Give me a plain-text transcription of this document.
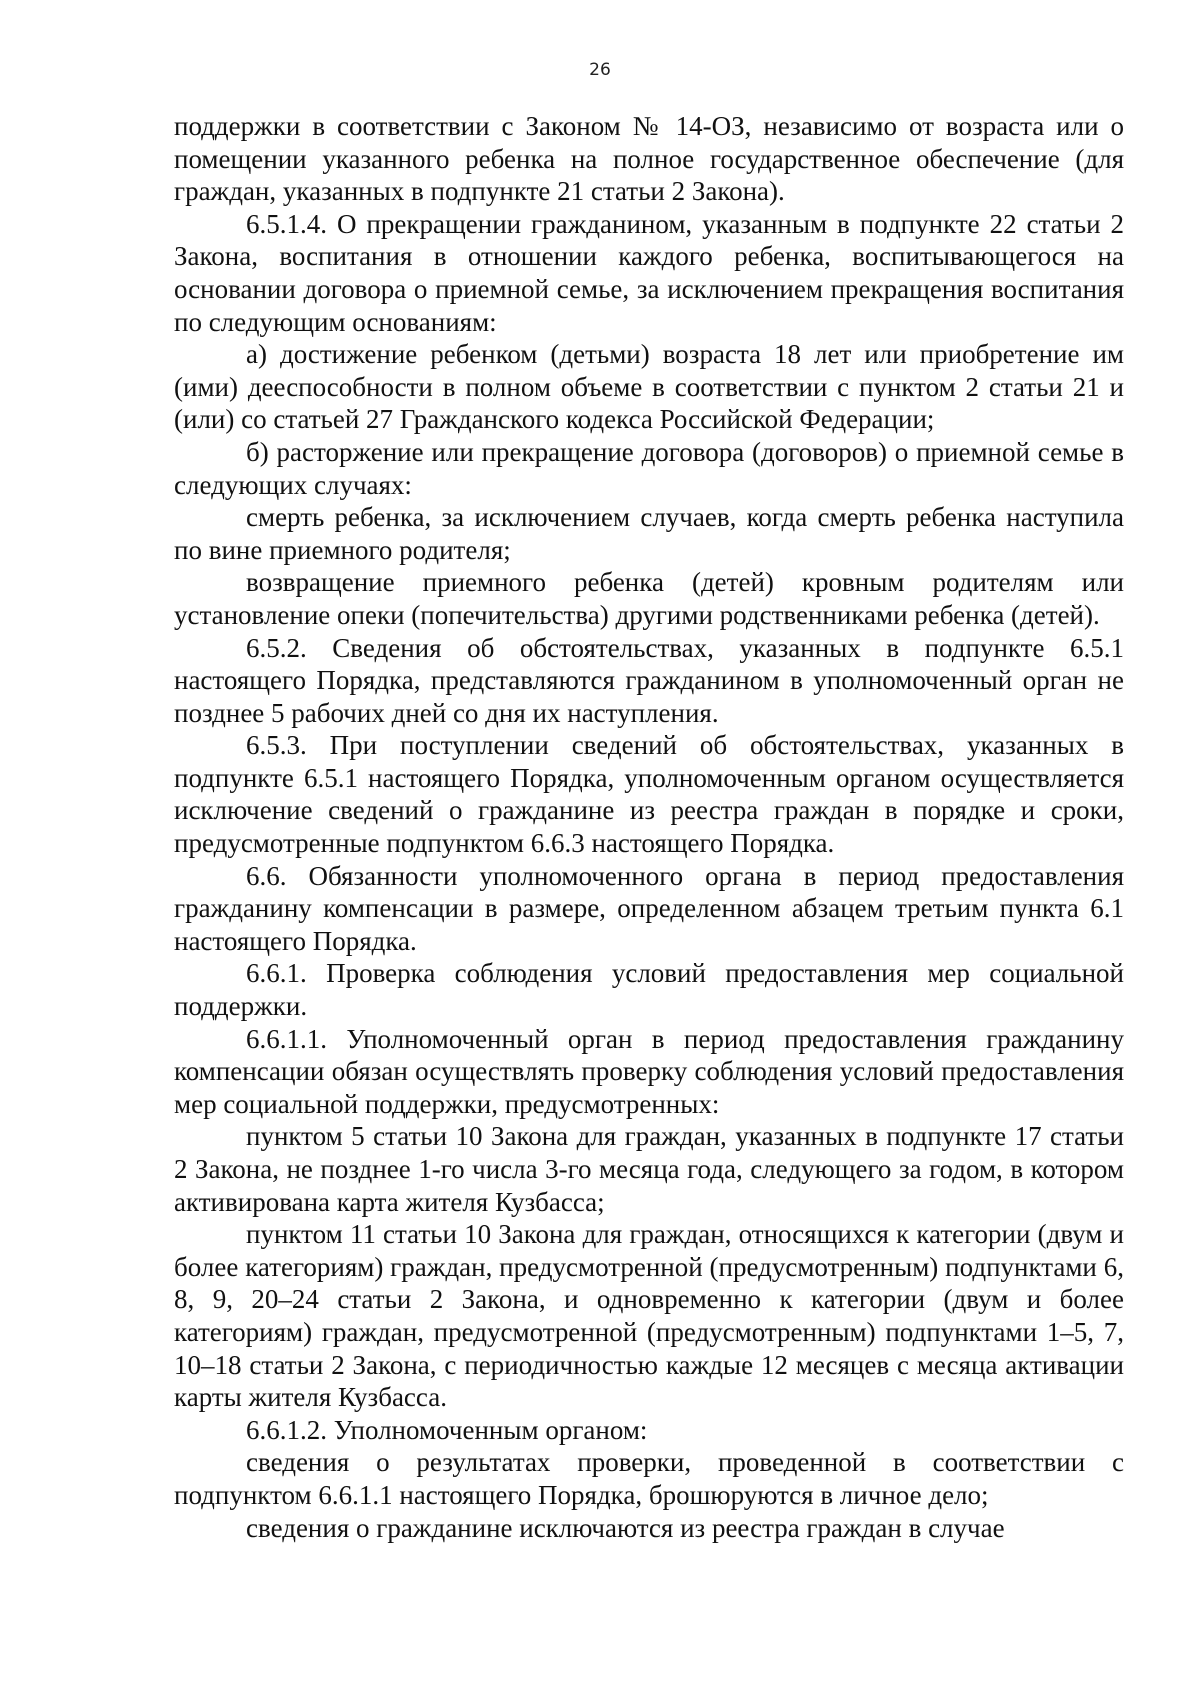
26

поддержки в соответствии с Законом № 14-ОЗ, независимо от возраста или о помещении указанного ребенка на полное государственное обеспечение (для граждан, указанных в подпункте 21 статьи 2 Закона).

6.5.1.4. О прекращении гражданином, указанным в подпункте 22 статьи 2 Закона, воспитания в отношении каждого ребенка, воспитывающегося на основании договора о приемной семье, за исключением прекращения воспитания по следующим основаниям:

а) достижение ребенком (детьми) возраста 18 лет или приобретение им (ими) дееспособности в полном объеме в соответствии с пунктом 2 статьи 21 и (или) со статьей 27 Гражданского кодекса Российской Федерации;

б) расторжение или прекращение договора (договоров) о приемной семье в следующих случаях:

смерть ребенка, за исключением случаев, когда смерть ребенка наступила по вине приемного родителя;

возвращение приемного ребенка (детей) кровным родителям или установление опеки (попечительства) другими родственниками ребенка (детей).

6.5.2. Сведения об обстоятельствах, указанных в подпункте 6.5.1 настоящего Порядка, представляются гражданином в уполномоченный орган не позднее 5 рабочих дней со дня их наступления.

6.5.3. При поступлении сведений об обстоятельствах, указанных в подпункте 6.5.1 настоящего Порядка, уполномоченным органом осуществляется исключение сведений о гражданине из реестра граждан в порядке и сроки, предусмотренные подпунктом 6.6.3 настоящего Порядка.

6.6. Обязанности уполномоченного органа в период предоставления гражданину компенсации в размере, определенном абзацем третьим пункта 6.1 настоящего Порядка.

6.6.1. Проверка соблюдения условий предоставления мер социальной поддержки.

6.6.1.1. Уполномоченный орган в период предоставления гражданину компенсации обязан осуществлять проверку соблюдения условий предоставления мер социальной поддержки, предусмотренных:

пунктом 5 статьи 10 Закона для граждан, указанных в подпункте 17 статьи 2 Закона, не позднее 1-го числа 3-го месяца года, следующего за годом, в котором активирована карта жителя Кузбасса;

пунктом 11 статьи 10 Закона для граждан, относящихся к категории (двум и более категориям) граждан, предусмотренной (предусмотренным) подпунктами 6, 8, 9, 20–24 статьи 2 Закона, и одновременно к категории (двум и более категориям) граждан, предусмотренной (предусмотренным) подпунктами 1–5, 7, 10–18 статьи 2 Закона, с периодичностью каждые 12 месяцев с месяца активации карты жителя Кузбасса.

6.6.1.2. Уполномоченным органом:

сведения о результатах проверки, проведенной в соответствии с подпунктом 6.6.1.1 настоящего Порядка, брошюруются в личное дело;

сведения о гражданине исключаются из реестра граждан в случае
